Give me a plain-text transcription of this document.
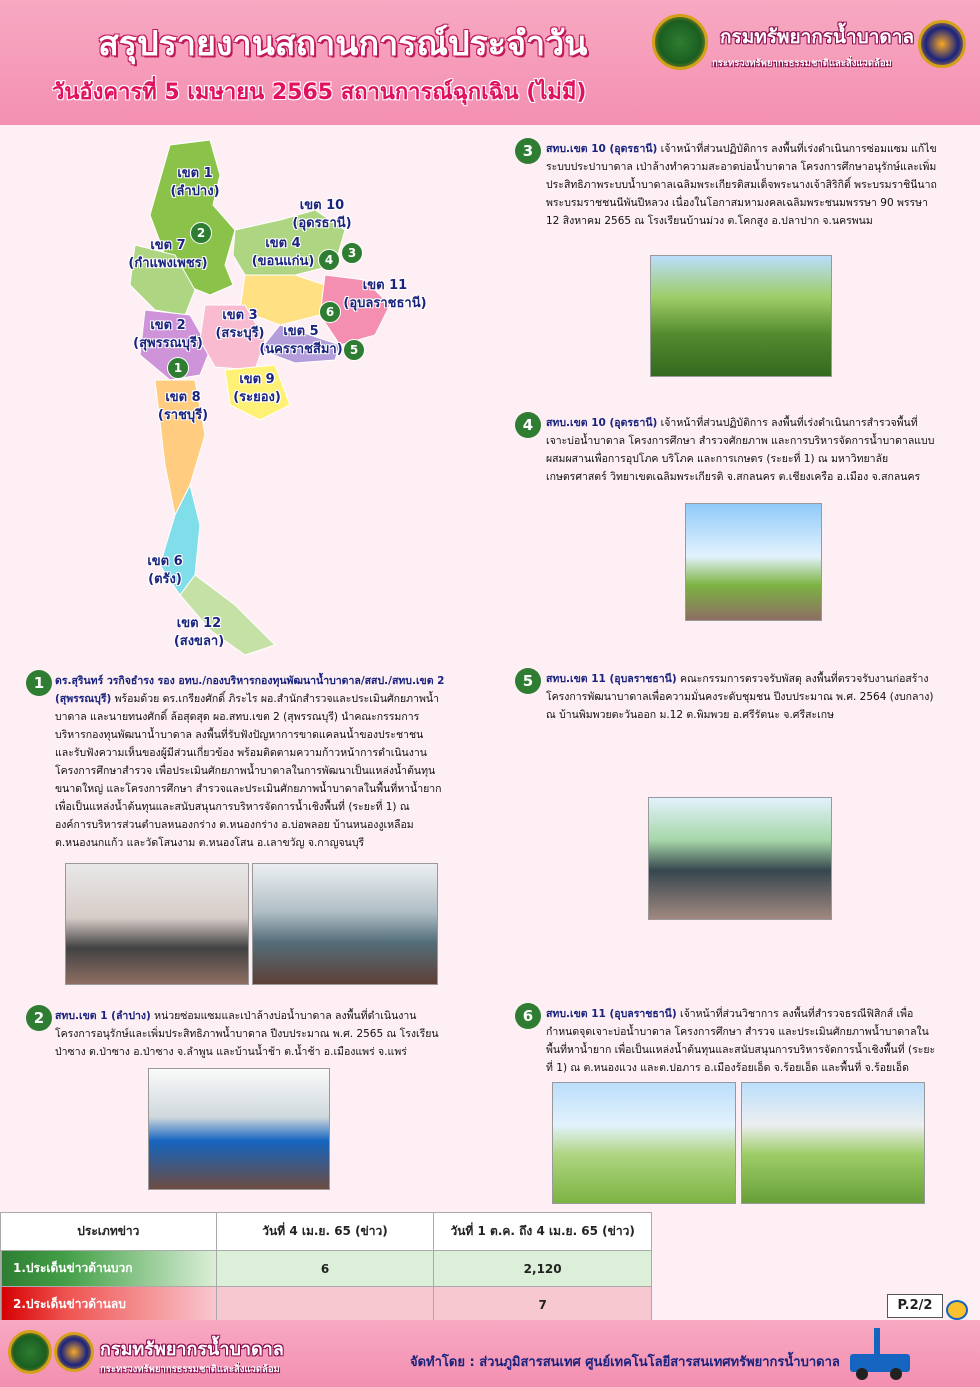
สรุปรายงานสถานการณ์ประจำวัน
วันอังคารที่ 5 เมษายน 2565 สถานการณ์ฉุกเฉิน (ไม่มี)
กรมทรัพยากรน้ำบาดาล
กระทรวงทรัพยากรธรรมชาติและสิ่งแวดล้อม
เขต 1
(ลำปาง)
เขต 10
(อุดรธานี)
เขต 7
(กำแพงเพชร)
เขต 4
(ขอนแก่น)
เขต 11
(อุบลราชธานี)
เขต 2
(สุพรรณบุรี)
เขต 3
(สระบุรี)	เขต 5
(นครราชสีมา)
เขต 9
(ระยอง)
เขต 8
(ราชบุรี)
เขต 6
(ตรัง)
เขต 12
(สงขลา)
1
2
3
4
5
6
1	ดร.สุรินทร์ วรกิจธำรง รอง อทบ./กองบริหารกองทุนพัฒนาน้ำบาดาล/สสป./สทบ.เขต 2 (สุพรรณบุรี) พร้อมด้วย ดร.เกรียงศักดิ์ ภิระไร ผอ.สำนักสำรวจและประเมินศักยภาพน้ำบาดาล และนายทนงศักดิ์ ล้อสุดสุด ผอ.สทบ.เขต 2 (สุพรรณบุรี) นำคณะกรรมการบริหารกองทุนพัฒนาน้ำบาดาล ลงพื้นที่รับฟังปัญหาการขาดแคลนน้ำของประชาชน และรับฟังความเห็นของผู้มีส่วนเกี่ยวข้อง พร้อมติดตามความก้าวหน้าการดำเนินงาน โครงการศึกษาสำรวจ เพื่อประเมินศักยภาพน้ำบาดาลในการพัฒนาเป็นแหล่งน้ำต้นทุนขนาดใหญ่ และโครงการศึกษา สำรวจและประเมินศักยภาพน้ำบาดาลในพื้นที่หาน้ำยาก เพื่อเป็นแหล่งน้ำต้นทุนและสนับสนุนการบริหารจัดการน้ำเชิงพื้นที่ (ระยะที่ 1) ณ องค์การบริหารส่วนตำบลหนองกร่าง ต.หนองกร่าง อ.บ่อพลอย บ้านหนองงูเหลือม ต.หนองนกแก้ว และวัดโสนงาม ต.หนองโสน อ.เลาขวัญ จ.กาญจนบุรี
2	สทบ.เขต 1 (ลำปาง) หน่วยซ่อมแซมและเป่าล้างบ่อน้ำบาดาล ลงพื้นที่ดำเนินงานโครงการอนุรักษ์และเพิ่มประสิทธิภาพน้ำบาดาล ปีงบประมาณ พ.ศ. 2565 ณ โรงเรียนป่าซาง ต.ป่าซาง อ.ป่าซาง จ.ลำพูน และบ้านน้ำช้า ต.น้ำช้า อ.เมืองแพร่ จ.แพร่
3	สทบ.เขต 10 (อุดรธานี) เจ้าหน้าที่ส่วนปฏิบัติการ ลงพื้นที่เร่งดำเนินการซ่อมแซม แก้ไขระบบประปาบาดาล เป่าล้างทำความสะอาดบ่อน้ำบาดาล โครงการศึกษาอนุรักษ์และเพิ่มประสิทธิภาพระบบน้ำบาดาลเฉลิมพระเกียรติสมเด็จพระนางเจ้าสิริกิติ์ พระบรมราชินีนาถ พระบรมราชชนนีพันปีหลวง เนื่องในโอกาสมหามงคลเฉลิมพระชนมพรรษา 90 พรรษา 12 สิงหาคม 2565 ณ โรงเรียนบ้านม่วง ต.โคกสูง อ.ปลาปาก จ.นครพนม
4	สทบ.เขต 10 (อุดรธานี) เจ้าหน้าที่ส่วนปฏิบัติการ ลงพื้นที่เร่งดำเนินการสำรวจพื้นที่เจาะบ่อน้ำบาดาล โครงการศึกษา สำรวจศักยภาพ และการบริหารจัดการน้ำบาดาลแบบผสมผสานเพื่อการอุปโภค บริโภค และการเกษตร (ระยะที่ 1) ณ มหาวิทยาลัยเกษตรศาสตร์ วิทยาเขตเฉลิมพระเกียรติ จ.สกลนคร ต.เชียงเครือ อ.เมือง จ.สกลนคร
5	สทบ.เขต 11 (อุบลราชธานี) คณะกรรมการตรวจรับพัสดุ ลงพื้นที่ตรวจรับงานก่อสร้างโครงการพัฒนาบาดาลเพื่อความมั่นคงระดับชุมชน ปีงบประมาณ พ.ศ. 2564 (งบกลาง) ณ บ้านพิมพวยตะวันออก ม.12 ต.พิมพวย อ.ศรีรัตนะ จ.ศรีสะเกษ
6	สทบ.เขต 11 (อุบลราชธานี) เจ้าหน้าที่ส่วนวิชาการ ลงพื้นที่สำรวจธรณีฟิสิกส์ เพื่อกำหนดจุดเจาะบ่อน้ำบาดาล โครงการศึกษา สำรวจ และประเมินศักยภาพน้ำบาดาลในพื้นที่หาน้ำยาก เพื่อเป็นแหล่งน้ำต้นทุนและสนับสนุนการบริหารจัดการน้ำเชิงพื้นที่ (ระยะที่ 1) ณ ต.หนองแวง และต.ปอภาร อ.เมืองร้อยเอ็ด จ.ร้อยเอ็ด และพื้นที่ จ.ร้อยเอ็ด
ประเภทข่าว	วันที่ 4 เม.ย. 65 (ข่าว)	วันที่ 1 ต.ค. ถึง 4 เม.ย. 65 (ข่าว)
1.ประเด็นข่าวด้านบวก	6	2,120
2.ประเด็นข่าวด้านลบ		7	P.2/2
กรมทรัพยากรน้ำบาดาล
กระทรวงทรัพยากรธรรมชาติและสิ่งแวดล้อม	จัดทำโดย : ส่วนภูมิสารสนเทศ ศูนย์เทคโนโลยีสารสนเทศทรัพยากรน้ำบาดาล
